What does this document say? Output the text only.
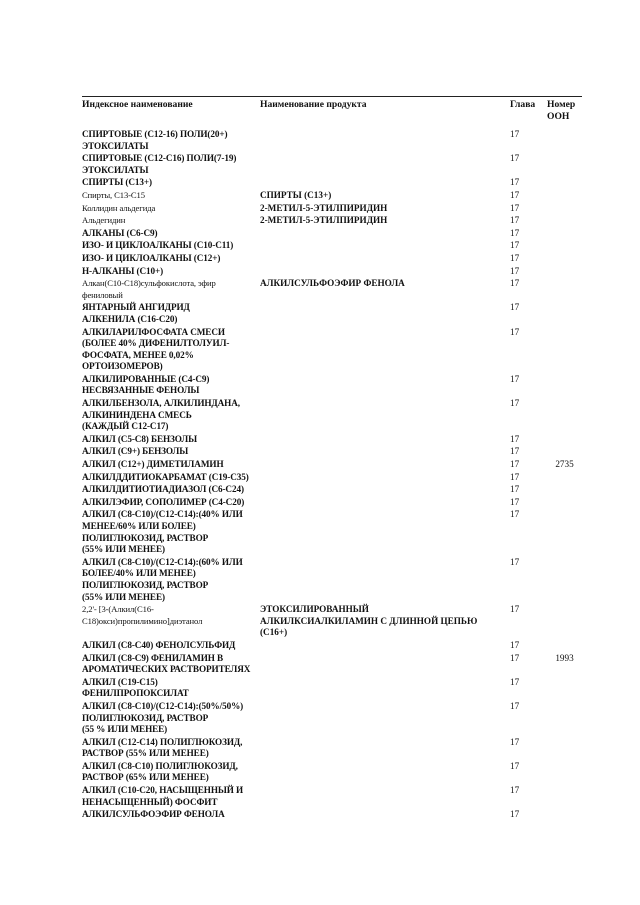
Индексное наименование	Наименование продукта	Глава	Номер
ООН
СПИРТОВЫЕ (С12-16) ПОЛИ(20+)
ЭТОКСИЛАТЫ		17	
СПИРТОВЫЕ (С12-С16) ПОЛИ(7-19)
ЭТОКСИЛАТЫ		17	
СПИРТЫ (С13+)		17	
Спирты, С13-С15	СПИРТЫ (С13+)	17	
Коллидин альдегида	2-МЕТИЛ-5-ЭТИЛПИРИДИН	17	
Альдегидин	2-МЕТИЛ-5-ЭТИЛПИРИДИН	17	
АЛКАНЫ (С6-С9)		17	
ИЗО- И ЦИКЛОАЛКАНЫ (С10-С11)		17	
ИЗО- И ЦИКЛОАЛКАНЫ (С12+)		17	
Н-АЛКАНЫ (С10+)		17	
Алкан(С10-С18)сульфокислота, эфир
фениловый	АЛКИЛСУЛЬФОЭФИР ФЕНОЛА	17	
ЯНТАРНЫЙ АНГИДРИД
АЛКЕНИЛА (С16-С20)		17	
АЛКИЛАРИЛФОСФАТА СМЕСИ
(БОЛЕЕ 40% ДИФЕНИЛТОЛУИЛ-
ФОСФАТА, МЕНЕЕ 0,02%
ОРТОИЗОМЕРОВ)		17	
АЛКИЛИРОВАННЫЕ (С4-С9)
НЕСВЯЗАННЫЕ ФЕНОЛЫ		17	
АЛКИЛБЕНЗОЛА, АЛКИЛИНДАНА,
АЛКИНИНДЕНА СМЕСЬ
(КАЖДЫЙ С12-С17)		17	
АЛКИЛ (С5-С8) БЕНЗОЛЫ		17	
АЛКИЛ (С9+) БЕНЗОЛЫ		17	
АЛКИЛ (С12+) ДИМЕТИЛАМИН		17	2735
АЛКИЛДДИТИОКАРБАМАТ (С19-С35)		17	
АЛКИЛДИТИОТИАДИАЗОЛ (С6-С24)		17	
АЛКИЛЭФИР, СОПОЛИМЕР (С4-С20)		17	
АЛКИЛ (С8-С10)/(С12-С14):(40% ИЛИ
МЕНЕЕ/60% ИЛИ БОЛЕЕ)
ПОЛИГЛЮКОЗИД, РАСТВОР
(55% ИЛИ МЕНЕЕ)		17	
АЛКИЛ (С8-С10)/(С12-С14):(60% ИЛИ
БОЛЕЕ/40% ИЛИ МЕНЕЕ)
ПОЛИГЛЮКОЗИД, РАСТВОР
(55% ИЛИ МЕНЕЕ)		17	
2,2'- [3-(Алкил(С16-
С18)окси)пропилимино]диэтанол	ЭТОКСИЛИРОВАННЫЙ
АЛКИЛКСИАЛКИЛАМИН С ДЛИННОЙ ЦЕПЬЮ
(С16+)	17	
АЛКИЛ (С8-С40) ФЕНОЛСУЛЬФИД		17	
АЛКИЛ (С8-С9) ФЕНИЛАМИН В
АРОМАТИЧЕСКИХ РАСТВОРИТЕЛЯХ		17	1993
АЛКИЛ (С19-С15)
ФЕНИЛПРОПОКСИЛАТ		17	
АЛКИЛ (С8-С10)/(С12-С14):(50%/50%)
ПОЛИГЛЮКОЗИД, РАСТВОР
(55 % ИЛИ МЕНЕЕ)		17	
АЛКИЛ (С12-С14) ПОЛИГЛЮКОЗИД,
РАСТВОР (55% ИЛИ МЕНЕЕ)		17	
АЛКИЛ (С8-С10) ПОЛИГЛЮКОЗИД,
РАСТВОР (65% ИЛИ МЕНЕЕ)		17	
АЛКИЛ (С10-С20, НАСЫЩЕННЫЙ И
НЕНАСЫЩЕННЫЙ) ФОСФИТ		17	
АЛКИЛСУЛЬФОЭФИР ФЕНОЛА		17	
